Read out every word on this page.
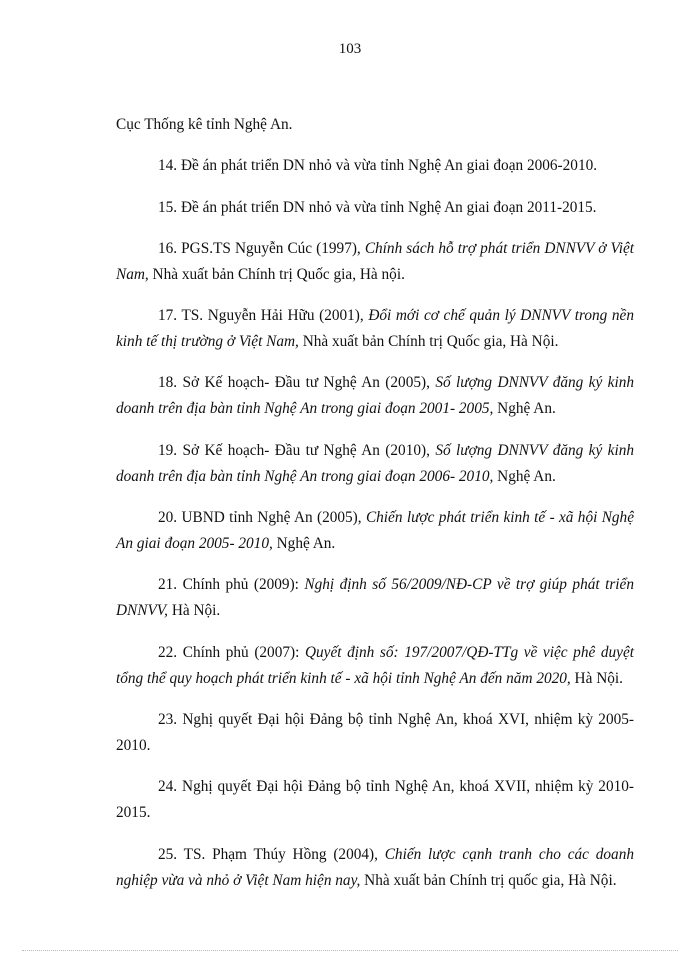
103

Cục Thống kê tỉnh Nghệ An.

14. Đề án phát triển DN nhỏ và vừa tỉnh Nghệ An giai đoạn 2006-2010.

15. Đề án phát triển DN nhỏ và vừa tỉnh Nghệ An giai đoạn 2011-2015.

16. PGS.TS Nguyễn Cúc (1997), Chính sách hỗ trợ phát triển DNNVV ở Việt Nam, Nhà xuất bản Chính trị Quốc gia, Hà nội.

17. TS. Nguyễn Hải Hữu (2001), Đổi mới cơ chế quản lý DNNVV trong nền kinh tế thị trường ở Việt Nam, Nhà xuất bản Chính trị Quốc gia, Hà Nội.

18. Sở Kế hoạch- Đầu tư Nghệ An (2005), Số lượng DNNVV đăng ký kinh doanh trên địa bàn tỉnh Nghệ An trong giai đoạn 2001- 2005, Nghệ An.

19. Sở Kế hoạch- Đầu tư Nghệ An (2010), Số lượng DNNVV đăng ký kinh doanh trên địa bàn tỉnh Nghệ An trong giai đoạn 2006- 2010, Nghệ An.

20. UBND tỉnh Nghệ An (2005), Chiến lược phát triển kinh tế - xã hội Nghệ An giai đoạn 2005- 2010, Nghệ An.

21. Chính phủ (2009): Nghị định số 56/2009/NĐ-CP về trợ giúp phát triển DNNVV, Hà Nội.

22. Chính phủ (2007): Quyết định số: 197/2007/QĐ-TTg về việc phê duyệt tổng thể quy hoạch phát triển kinh tế - xã hội tỉnh Nghệ An đến năm 2020, Hà Nội.

23. Nghị quyết Đại hội Đảng bộ tỉnh Nghệ An, khoá XVI, nhiệm kỳ 2005- 2010.

24. Nghị quyết Đại hội Đảng bộ tỉnh Nghệ An, khoá XVII, nhiệm kỳ 2010- 2015.

25. TS. Phạm Thúy Hồng (2004), Chiến lược cạnh tranh cho các doanh nghiệp vừa và nhỏ ở Việt Nam hiện nay, Nhà xuất bản Chính trị quốc gia, Hà Nội.
